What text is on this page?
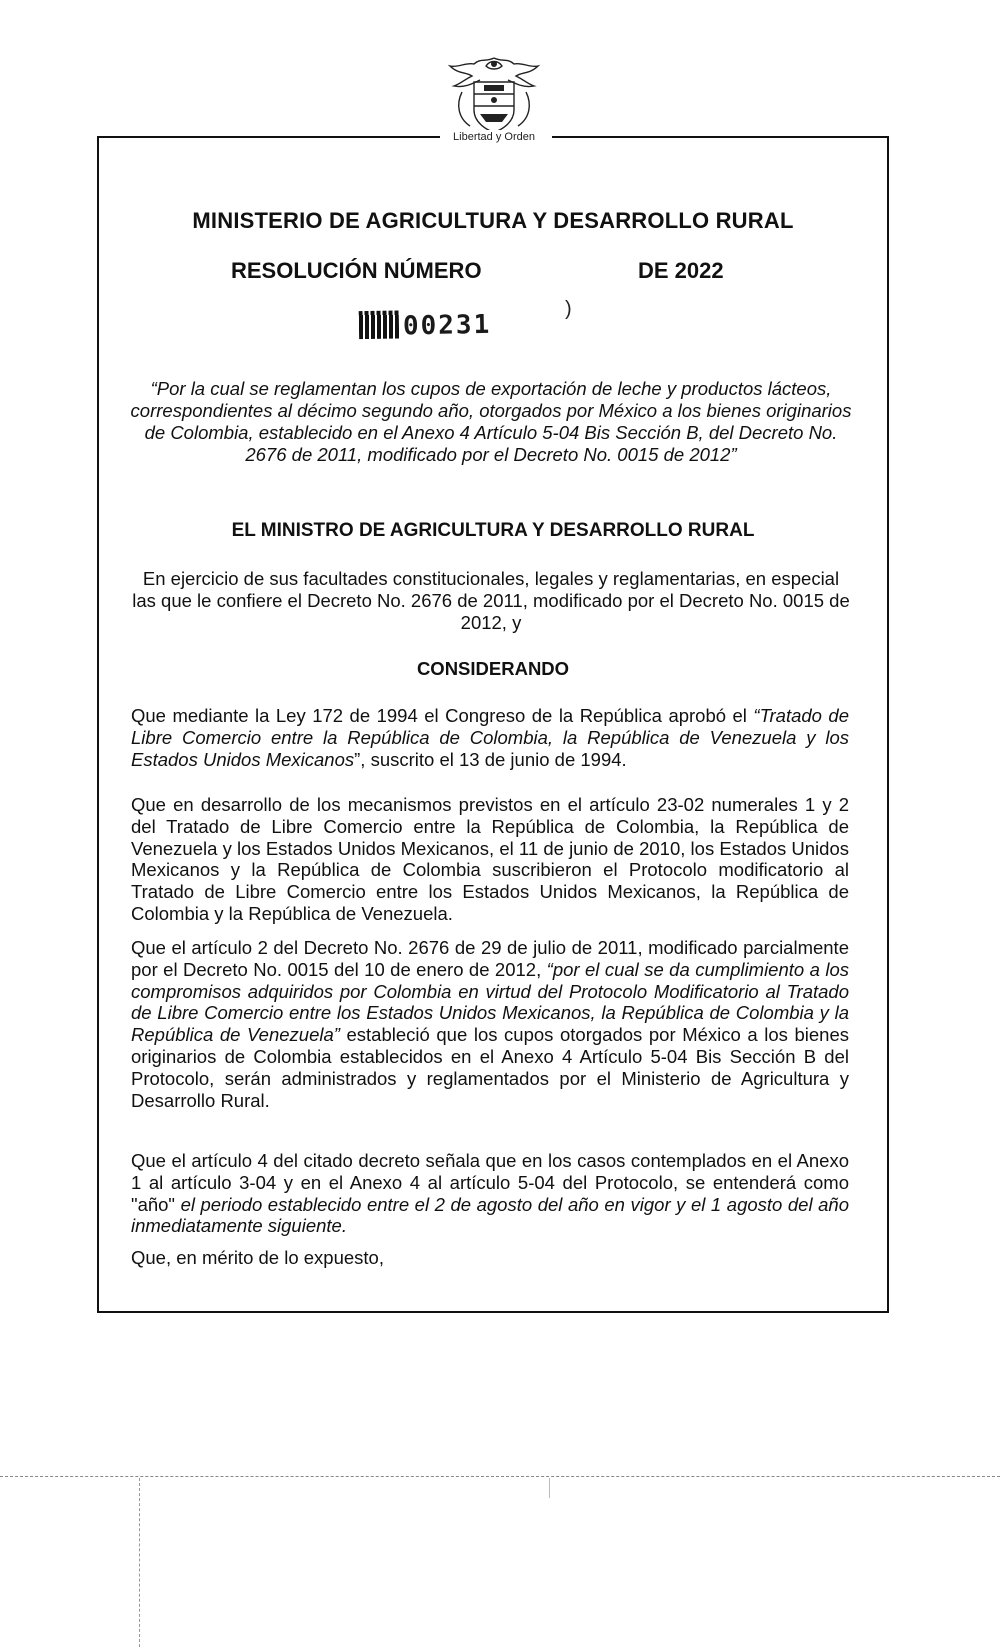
Libertad y Orden
MINISTERIO DE AGRICULTURA Y DESARROLLO RURAL
RESOLUCIÓN NÚMERO	DE 2022
00231
)
“Por la cual se reglamentan los cupos de exportación de leche y productos lácteos, correspondientes al décimo segundo año, otorgados por México a los bienes originarios de Colombia, establecido en el Anexo 4 Artículo 5-04 Bis Sección B, del Decreto No. 2676 de 2011, modificado por el Decreto No. 0015 de 2012”
EL MINISTRO DE AGRICULTURA Y DESARROLLO RURAL
En ejercicio de sus facultades constitucionales, legales y reglamentarias, en especial las que le confiere el Decreto No. 2676 de 2011, modificado por el Decreto No. 0015 de 2012, y
CONSIDERANDO
Que mediante la Ley 172 de 1994 el Congreso de la República aprobó el “Tratado de Libre Comercio entre la República de Colombia, la República de Venezuela y los Estados Unidos Mexicanos”, suscrito el 13 de junio de 1994.
Que en desarrollo de los mecanismos previstos en el artículo 23-02 numerales 1 y 2 del Tratado de Libre Comercio entre la República de Colombia, la República de Venezuela y los Estados Unidos Mexicanos, el 11 de junio de 2010, los Estados Unidos Mexicanos y la República de Colombia suscribieron el Protocolo modificatorio al Tratado de Libre Comercio entre los Estados Unidos Mexicanos, la República de Colombia y la República de Venezuela.
Que el artículo 2 del Decreto No. 2676 de 29 de julio de 2011, modificado parcialmente por el Decreto No. 0015 del 10 de enero de 2012, “por el cual se da cumplimiento a los compromisos adquiridos por Colombia en virtud del Protocolo Modificatorio al Tratado de Libre Comercio entre los Estados Unidos Mexicanos, la República de Colombia y la República de Venezuela” estableció que los cupos otorgados por México a los bienes originarios de Colombia establecidos en el Anexo 4 Artículo 5-04 Bis Sección B del Protocolo, serán administrados y reglamentados por el Ministerio de Agricultura y Desarrollo Rural.
Que el artículo 4 del citado decreto señala que en los casos contemplados en el Anexo 1 al artículo 3-04 y en el Anexo 4 al artículo 5-04 del Protocolo, se entenderá como "año" el periodo establecido entre el 2 de agosto del año en vigor y el 1 agosto del año inmediatamente siguiente.
Que, en mérito de lo expuesto,
